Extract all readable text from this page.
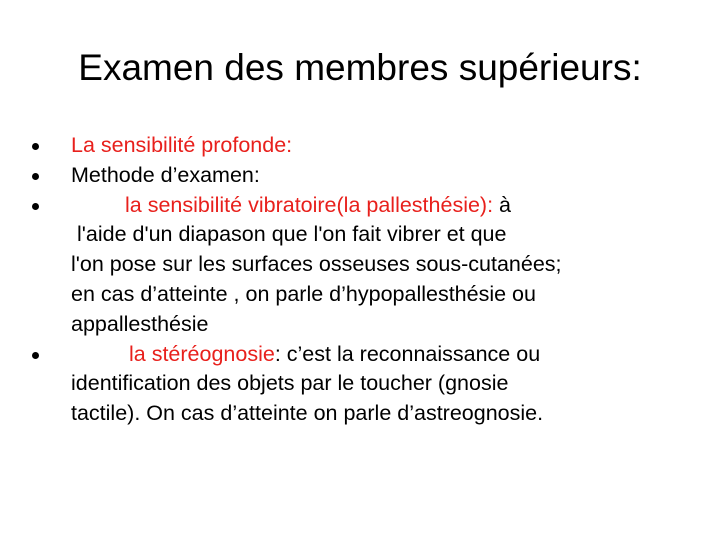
Examen des membres supérieurs:
La sensibilité profonde:
Methode d’examen:
la sensibilité vibratoire(la pallesthésie): à
l'aide d'un diapason que l'on fait vibrer et que
l'on pose sur les surfaces osseuses sous-cutanées;
en cas d’atteinte , on parle d’hypopallesthésie ou
appallesthésie
la stéréognosie: c’est la reconnaissance ou
identification des objets par le toucher (gnosie
tactile). On cas d’atteinte on parle d’astreognosie.
